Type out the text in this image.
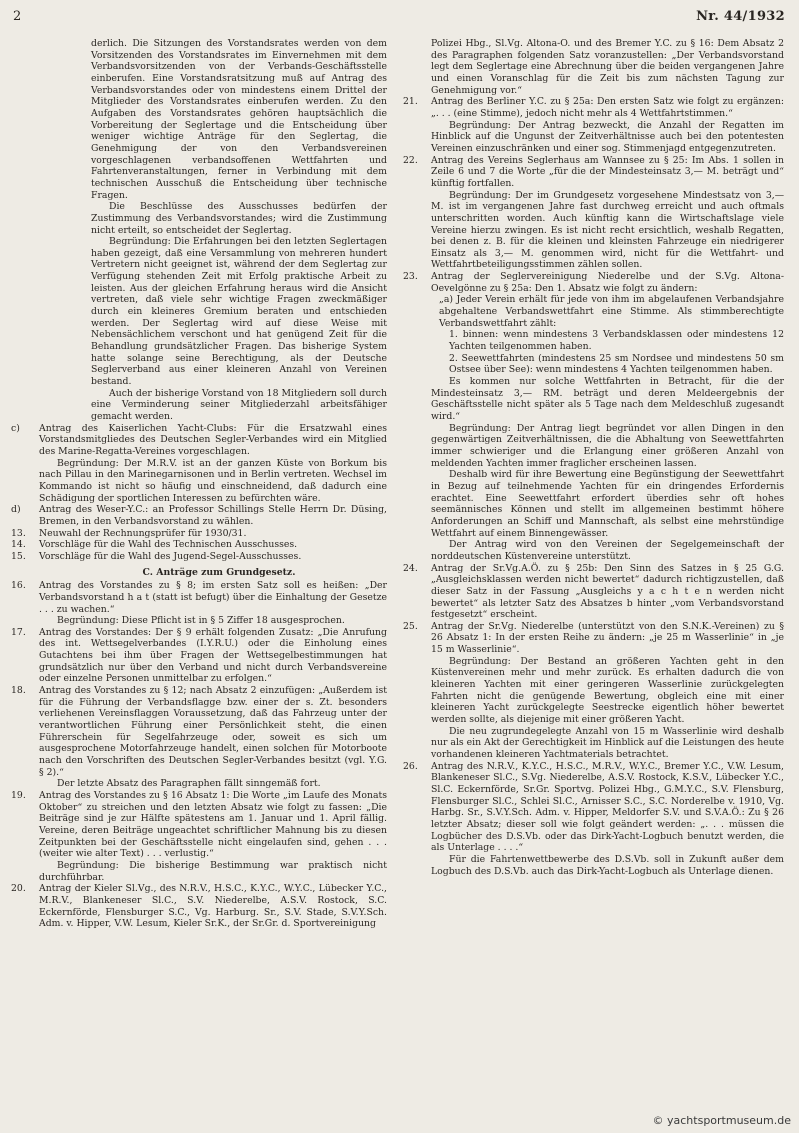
2	Nr. 44/1932

derlich. Die Sitzungen des Vorstandsrates werden von dem Vorsitzenden des Vorstandsrates im Einvernehmen mit dem Verbandsvorsitzenden von der Verbands-Geschäftsstelle einberufen. Eine Vorstandsratsitzung muß auf Antrag des Verbandsvorstandes oder von mindestens einem Drittel der Mitglieder des Vorstandsrates einberufen werden. Zu den Aufgaben des Vorstandsrates gehören hauptsächlich die Vorbereitung der Seglertage und die Entscheidung über weniger wichtige Anträge für den Seglertag, die Genehmigung der von den Verbandsvereinen vorgeschlagenen verbandsoffenen Wettfahrten und Fahrtenveranstaltungen, ferner in Verbindung mit dem technischen Ausschuß die Entscheidung über technische Fragen.

Die Beschlüsse des Ausschusses bedürfen der Zustimmung des Verbandsvorstandes; wird die Zustimmung nicht erteilt, so entscheidet der Seglertag.

Begründung: Die Erfahrungen bei den letzten Seglertagen haben gezeigt, daß eine Versammlung von mehreren hundert Vertretern nicht geeignet ist, während der dem Seglertag zur Verfügung stehenden Zeit mit Erfolg praktische Arbeit zu leisten. Aus der gleichen Erfahrung heraus wird die Ansicht vertreten, daß viele sehr wichtige Fragen zweckmäßiger durch ein kleineres Gremium beraten und entschieden werden. Der Seglertag wird auf diese Weise mit Nebensächlichem verschont und hat genügend Zeit für die Behandlung grundsätzlicher Fragen. Das bisherige System hatte solange seine Berechtigung, als der Deutsche Seglerverband aus einer kleineren Anzahl von Vereinen bestand.

Auch der bisherige Vorstand von 18 Mitgliedern soll durch eine Verminderung seiner Mitgliederzahl arbeitsfähiger gemacht werden.

c)	Antrag des Kaiserlichen Yacht-Clubs: Für die Ersatzwahl eines Vorstandsmitgliedes des Deutschen Segler-Verbandes wird ein Mitglied des Marine-Regatta-Vereines vorgeschlagen.

Begründung: Der M.R.V. ist an der ganzen Küste von Borkum bis nach Pillau in den Marinegarnisonen und in Berlin vertreten. Wechsel im Kommando ist nicht so häufig und einschneidend, daß dadurch eine Schädigung der sportlichen Interessen zu befürchten wäre.

d)	Antrag des Weser-Y.C.: an Professor Schillings Stelle Herrn Dr. Düsing, Bremen, in den Verbandsvorstand zu wählen.
13.	Neuwahl der Rechnungsprüfer für 1930/31.
14.	Vorschläge für die Wahl des Technischen Ausschusses.
15.	Vorschläge für die Wahl des Jugend-Segel-Ausschusses.

C. Anträge zum Grundgesetz.

16.	Antrag des Vorstandes zu § 8; im ersten Satz soll es heißen: „Der Verbandsvorstand h a t (statt ist befugt) über die Einhaltung der Gesetze . . . zu wachen.“

Begründung: Diese Pflicht ist in § 5 Ziffer 18 ausgesprochen.

17.	Antrag des Vorstandes: Der § 9 erhält folgenden Zusatz: „Die Anrufung des int. Wettsegelverbandes (I.Y.R.U.) oder die Einholung eines Gutachtens bei ihm über Fragen der Wettsegelbestimmungen hat grundsätzlich nur über den Verband und nicht durch Verbandsvereine oder einzelne Personen unmittelbar zu erfolgen.“
18.	Antrag des Vorstandes zu § 12; nach Absatz 2 einzufügen: „Außerdem ist für die Führung der Verbandsflagge bzw. einer der s. Zt. besonders verliehenen Vereinsflaggen Voraussetzung, daß das Fahrzeug unter der verantwortlichen Führung einer Persönlichkeit steht, die einen Führerschein für Segelfahrzeuge oder, soweit es sich um ausgesprochene Motorfahrzeuge handelt, einen solchen für Motorboote nach den Vorschriften des Deutschen Segler-Verbandes besitzt (vgl. Y.G. § 2).“

Der letzte Absatz des Paragraphen fällt sinngemäß fort.

19.	Antrag des Vorstandes zu § 16 Absatz 1: Die Worte „im Laufe des Monats Oktober“ zu streichen und den letzten Absatz wie folgt zu fassen: „Die Beiträge sind je zur Hälfte spätestens am 1. Januar und 1. April fällig. Vereine, deren Beiträge ungeachtet schriftlicher Mahnung bis zu diesen Zeitpunkten bei der Geschäftsstelle nicht eingelaufen sind, gehen . . . (weiter wie alter Text) . . . verlustig.“

Begründung: Die bisherige Bestimmung war praktisch nicht durchführbar.

20.	Antrag der Kieler Sl.Vg., des N.R.V., H.S.C., K.Y.C., W.Y.C., Lübecker Y.C., M.R.V., Blankeneser Sl.C., S.V. Niederelbe, A.S.V. Rostock, S.C. Eckernförde, Flensburger S.C., Vg. Harburg. Sr., S.V. Stade, S.V.Y.Sch. Adm. v. Hipper, V.W. Lesum, Kieler Sr.K., der Sr.Gr. d. Sportvereinigung
Polizei Hbg., Sl.Vg. Altona-O. und des Bremer Y.C. zu § 16: Dem Absatz 2 des Paragraphen folgenden Satz voranzustellen: „Der Verbandsvorstand legt dem Seglertage eine Abrechnung über die beiden vergangenen Jahre und einen Voranschlag für die Zeit bis zum nächsten Tagung zur Genehmigung vor.“
21.	Antrag des Berliner Y.C. zu § 25a: Den ersten Satz wie folgt zu ergänzen: „. . . (eine Stimme), jedoch nicht mehr als 4 Wettfahrtstimmen.“

Begründung: Der Antrag bezweckt, die Anzahl der Regatten im Hinblick auf die Ungunst der Zeitverhältnisse auch bei den potentesten Vereinen einzuschränken und einer sog. Stimmenjagd entgegenzutreten.

22.	Antrag des Vereins Seglerhaus am Wannsee zu § 25: Im Abs. 1 sollen in Zeile 6 und 7 die Worte „für die der Mindesteinsatz 3,— M. beträgt und“ künftig fortfallen.

Begründung: Der im Grundgesetz vorgesehene Mindestsatz von 3,— M. ist im vergangenen Jahre fast durchweg erreicht und auch oftmals unterschritten worden. Auch künftig kann die Wirtschaftslage viele Vereine hierzu zwingen. Es ist nicht recht ersichtlich, weshalb Regatten, bei denen z. B. für die kleinen und kleinsten Fahrzeuge ein niedrigerer Einsatz als 3,— M. genommen wird, nicht für die Wettfahrt- und Wettfahrtbeteiligungsstimmen zählen sollen.

23.	Antrag der Seglervereinigung Niederelbe und der S.Vg. Altona-Oevelgönne zu § 25a: Den 1. Absatz wie folgt zu ändern:

„a) Jeder Verein erhält für jede von ihm im abgelaufenen Verbandsjahre abgehaltene Verbandswettfahrt eine Stimme. Als stimmberechtigte Verbandswettfahrt zählt:

1. binnen: wenn mindestens 3 Verbandsklassen oder mindestens 12 Yachten teilgenommen haben.

2. Seewettfahrten (mindestens 25 sm Nordsee und mindestens 50 sm Ostsee über See): wenn mindestens 4 Yachten teilgenommen haben.

Es kommen nur solche Wettfahrten in Betracht, für die der Mindesteinsatz 3,— RM. beträgt und deren Meldeergebnis der Geschäftsstelle nicht später als 5 Tage nach dem Meldeschluß zugesandt wird.“

Begründung: Der Antrag liegt begründet vor allen Dingen in den gegenwärtigen Zeitverhältnissen, die die Abhaltung von Seewettfahrten immer schwieriger und die Erlangung einer größeren Anzahl von meldenden Yachten immer fraglicher erscheinen lassen.

Deshalb wird für ihre Bewertung eine Begünstigung der Seewettfahrt in Bezug auf teilnehmende Yachten für ein dringendes Erfordernis erachtet. Eine Seewettfahrt erfordert überdies sehr oft hohes seemännisches Können und stellt im allgemeinen bestimmt höhere Anforderungen an Schiff und Mannschaft, als selbst eine mehrstündige Wettfahrt auf einem Binnengewässer.

Der Antrag wird von den Vereinen der Segelgemeinschaft der norddeutschen Küstenvereine unterstützt.

24.	Antrag der Sr.Vg.A.Ö. zu § 25b: Den Sinn des Satzes in § 25 G.G. „Ausgleichsklassen werden nicht bewertet“ dadurch richtigzustellen, daß dieser Satz in der Fassung „Ausgleichs y a c h t e n werden nicht bewertet“ als letzter Satz des Absatzes b hinter „vom Verbandsvorstand festgesetzt“ erscheint.
25.	Antrag der Sr.Vg. Niederelbe (unterstützt von den S.N.K.-Vereinen) zu § 26 Absatz 1: In der ersten Reihe zu ändern: „je 25 m Wasserlinie“ in „je 15 m Wasserlinie“.

Begründung: Der Bestand an größeren Yachten geht in den Küstenvereinen mehr und mehr zurück. Es erhalten dadurch die von kleineren Yachten mit einer geringeren Wasserlinie zurückgelegten Fahrten nicht die genügende Bewertung, obgleich eine mit einer kleineren Yacht zurückgelegte Seestrecke eigentlich höher bewertet werden sollte, als diejenige mit einer größeren Yacht.

Die neu zugrundegelegte Anzahl von 15 m Wasserlinie wird deshalb nur als ein Akt der Gerechtigkeit im Hinblick auf die Leistungen des heute vorhandenen kleineren Yachtmaterials betrachtet.

26.	Antrag des N.R.V., K.Y.C., H.S.C., M.R.V., W.Y.C., Bremer Y.C., V.W. Lesum, Blankeneser Sl.C., S.Vg. Niederelbe, A.S.V. Rostock, K.S.V., Lübecker Y.C., Sl.C. Eckernförde, Sr.Gr. Sportvg. Polizei Hbg., G.M.Y.C., S.V. Flensburg, Flensburger Sl.C., Schlei Sl.C., Arnisser S.C., S.C. Norderelbe v. 1910, Vg. Harbg. Sr., S.V.Y.Sch. Adm. v. Hipper, Meldorfer S.V. und S.V.A.Ö.: Zu § 26 letzter Absatz; dieser soll wie folgt geändert werden: „. . . müssen die Logbücher des D.S.Vb. oder das Dirk-Yacht-Logbuch benutzt werden, die als Unterlage . . . .“

Für die Fahrtenwettbewerbe des D.S.Vb. soll in Zukunft außer dem Logbuch des D.S.Vb. auch das Dirk-Yacht-Logbuch als Unterlage dienen.

© yachtsportmuseum.de
